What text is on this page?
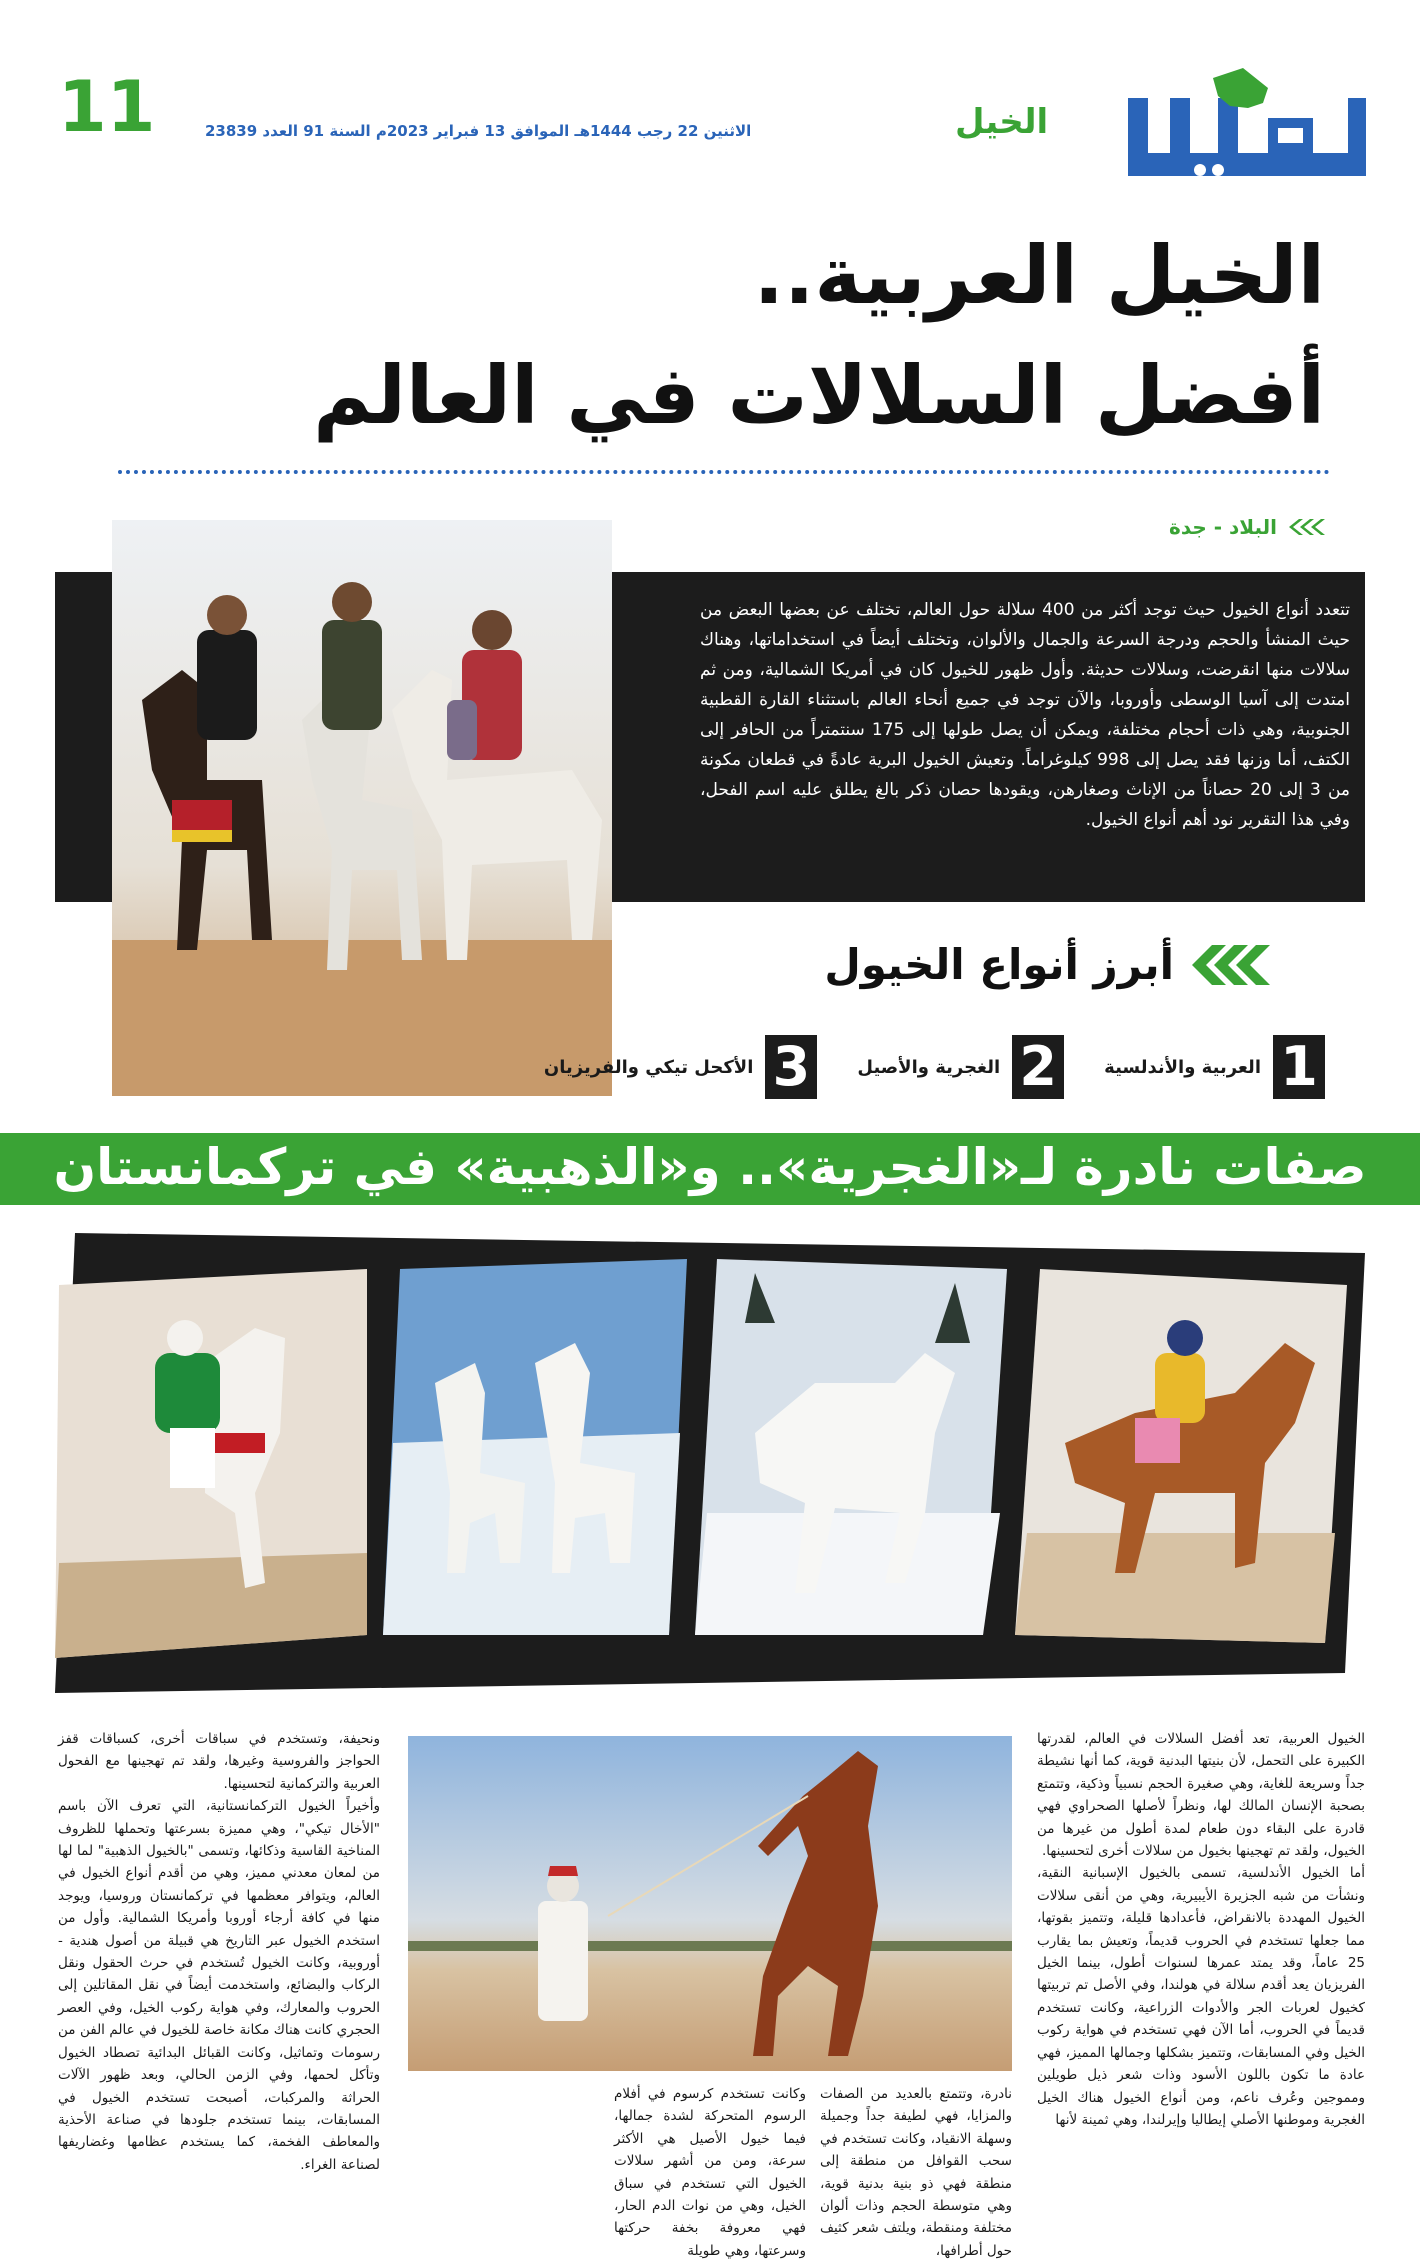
11	الاثنين 22 رجب 1444هـ الموافق 13 فبراير 2023م السنة 91 العدد 23839	الخيل
الخيل العربية..
أفضل السلالات في العالم
البلاد - جدة
تتعدد أنواع الخيول حيث توجد أكثر من 400 سلالة حول العالم، تختلف عن بعضها البعض من حيث المنشأ والحجم ودرجة السرعة والجمال والألوان، وتختلف أيضاً في استخداماتها، وهناك سلالات منها انقرضت، وسلالات حديثة. وأول ظهور للخيول كان في أمريكا الشمالية، ومن ثم امتدت إلى آسيا الوسطى وأوروبا، والآن توجد في جميع أنحاء العالم باستثناء القارة القطبية الجنوبية، وهي ذات أحجام مختلفة، ويمكن أن يصل طولها إلى 175 سنتمتراً من الحافر إلى الكتف، أما وزنها فقد يصل إلى 998 كيلوغراماً. وتعيش الخيول البرية عادةً في قطعان مكونة من 3 إلى 20 حصاناً من الإناث وصغارهن، ويقودها حصان ذكر بالغ يطلق عليه اسم الفحل، وفي هذا التقرير نود أهم أنواع الخيول.
أبرز أنواع الخيول
1
العربية والأندلسية
2
الغجرية والأصيل
3
الأكحل تيكي والفريزيان
صفات نادرة لـ«الغجرية».. و«الذهبية» في تركمانستان
الخيول العربية، تعد أفضل السلالات في العالم، لقدرتها الكبيرة على التحمل، لأن بنيتها البدنية قوية، كما أنها نشيطة جداً وسريعة للغاية، وهي صغيرة الحجم نسبياً وذكية، وتتمتع بصحبة الإنسان المالك لها، ونظراً لأصلها الصحراوي فهي قادرة على البقاء دون طعام لمدة أطول من غيرها من الخيول، ولقد تم تهجينها بخيول من سلالات أخرى لتحسينها.
أما الخيول الأندلسية، تسمى بالخيول الإسبانية النقية، ونشأت من شبه الجزيرة الأيبيرية، وهي من أنقى سلالات الخيول المهددة بالانقراض، فأعدادها قليلة، وتتميز بقوتها، مما جعلها تستخدم في الحروب قديماً، وتعيش بما يقارب 25 عاماً، وقد يمتد عمرها لسنوات أطول، بينما الخيل الفريزيان يعد أقدم سلالة في هولندا، وفي الأصل تم تربيتها كخيول لعربات الجر والأدوات الزراعية، وكانت تستخدم قديماً في الحروب، أما الآن فهي تستخدم في هواية ركوب الخيل وفي المسابقات، وتتميز بشكلها وجمالها المميز، فهي عادة ما تكون باللون الأسود وذات شعر ذيل طويلين ومموجين وعُرف ناعم، ومن أنواع الخيول هناك الخيل الغجرية وموطنها الأصلي إيطاليا وإيرلندا، وهي ثمينة لأنها
نادرة، وتتمتع بالعديد من الصفات والمزايا، فهي لطيفة جداً وجميلة وسهلة الانقياد، وكانت تستخدم في سحب القوافل من منطقة إلى منطقة فهي ذو بنية بدنية قوية، وهي متوسطة الحجم وذات ألوان مختلفة ومنقطة، ويلتف شعر كثيف حول أطرافها،
وكانت تستخدم كرسوم في أفلام الرسوم المتحركة لشدة جمالها، فيما خيول الأصيل هي الأكثر سرعة، ومن من أشهر سلالات الخيول التي تستخدم في سباق الخيل، وهي من نوات الدم الحار، فهي معروفة بخفة حركتها وسرعتها، وهي طويلة
ونحيفة، وتستخدم في سباقات أخرى، كسباقات قفز الحواجز والفروسية وغيرها، ولقد تم تهجينها مع الفحول العربية والتركمانية لتحسينها.
وأخيراً الخيول التركمانستانية، التي تعرف الآن باسم "الأخال تيكي"، وهي مميزة بسرعتها وتحملها للظروف المناخية القاسية وذكائها، وتسمى "بالخيول الذهبية" لما لها من لمعان معدني مميز، وهي من أقدم أنواع الخيول في العالم، ويتوافر معظمها في تركمانستان وروسيا، ويوجد منها في كافة أرجاء أوروبا وأمريكا الشمالية. وأول من استخدم الخيول عبر التاريخ هي قبيلة من أصول هندية - أوروبية، وكانت الخيول تُستخدم في حرث الحقول ونقل الركاب والبضائع، واستخدمت أيضاً في نقل المقاتلين إلى الحروب والمعارك، وفي هواية ركوب الخيل، وفي العصر الحجري كانت هناك مكانة خاصة للخيول في عالم الفن من رسومات وتماثيل، وكانت القبائل البدائية تصطاد الخيول وتأكل لحمها، وفي الزمن الحالي، وبعد ظهور الآلات الحراثة والمركبات، أصبحت تستخدم الخيول في المسابقات، بينما تستخدم جلودها في صناعة الأحذية والمعاطف الفخمة، كما يستخدم عظامها وغضاريفها لصناعة الغراء.
